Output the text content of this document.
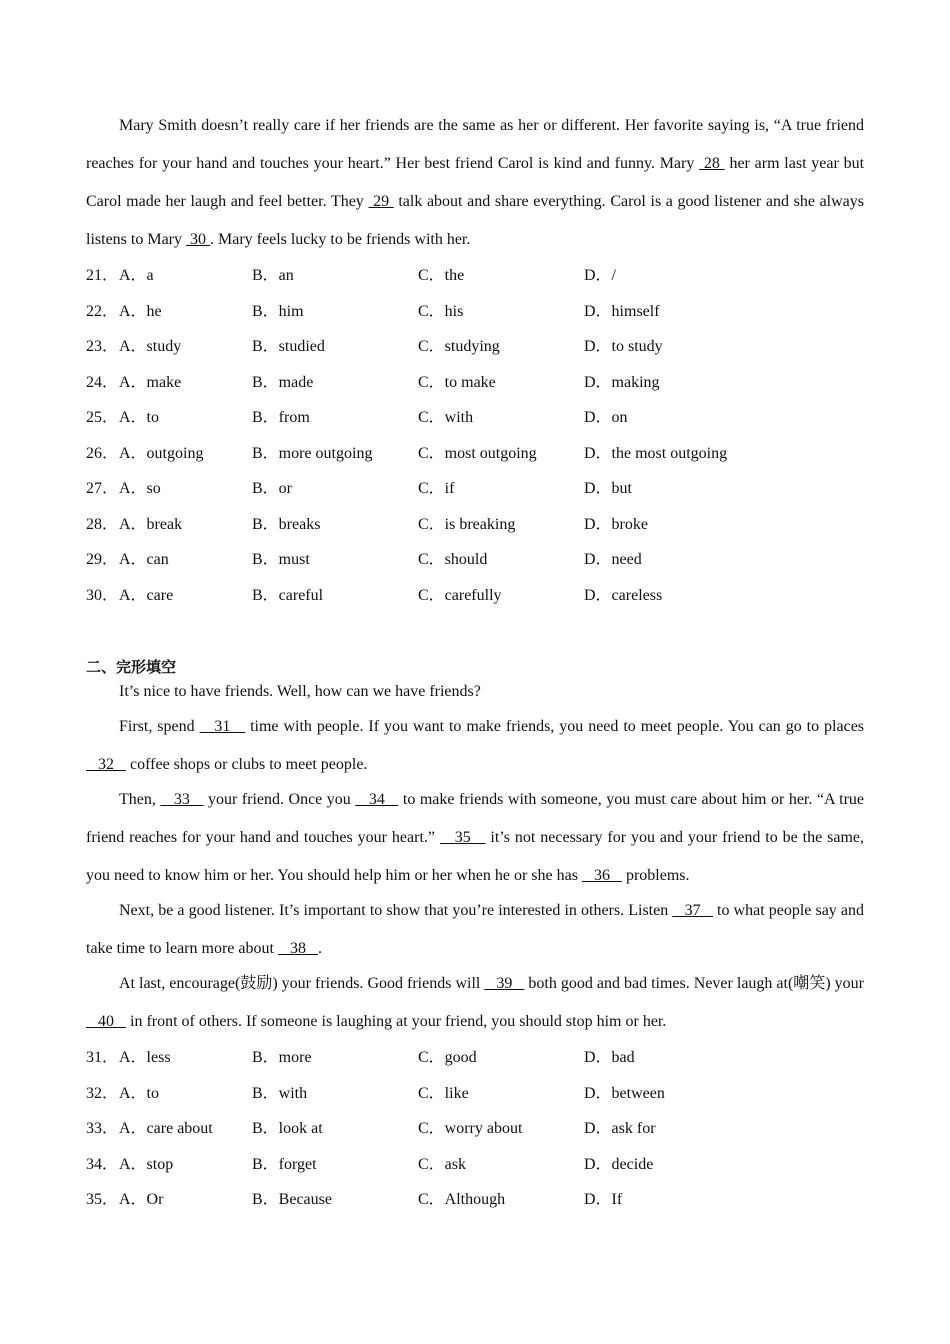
Mary Smith doesn’t really care if her friends are the same as her or different. Her favorite saying is, “A true friend reaches for your hand and touches your heart.” Her best friend Carol is kind and funny. Mary  28  her arm last year but Carol made her laugh and feel better. They  29  talk about and share everything. Carol is a good listener and she always listens to Mary  30 . Mary feels lucky to be friends with her.

21． A．a	B．an	C．the	D．/
22． A．he	B．him	C．his	D．himself
23． A．study	B．studied	C．studying	D．to study
24． A．make	B．made	C．to make	D．making
25． A．to	B．from	C．with	D．on
26． A．outgoing	B．more outgoing	C．most outgoing	D．the most outgoing
27． A．so	B．or	C．if	D．but
28． A．break	B．breaks	C．is breaking	D．broke
29． A．can	B．must	C．should	D．need
30． A．care	B．careful	C．carefully	D．careless
二、完形填空

It’s nice to have friends. Well, how can we have friends?

First, spend    31    time with people. If you want to make friends, you need to meet people. You can go to places    32    coffee shops or clubs to meet people.

Then,    33    your friend. Once you    34    to make friends with someone, you must care about him or her. “A true friend reaches for your hand and touches your heart.”    35    it’s not necessary for you and your friend to be the same, you need to know him or her. You should help him or her when he or she has    36    problems.

Next, be a good listener. It’s important to show that you’re interested in others. Listen    37    to what people say and take time to learn more about    38   .

At last, encourage(鼓励) your friends. Good friends will    39    both good and bad times. Never laugh at(嘲笑) your    40    in front of others. If someone is laughing at your friend, you should stop him or her.

31． A．less	B．more	C．good	D．bad
32． A．to	B．with	C．like	D．between
33． A．care about B．look at	C．worry about	D．ask for
34． A．stop	B．forget	C．ask	D．decide
35． A．Or	B．Because	C．Although	D．If
